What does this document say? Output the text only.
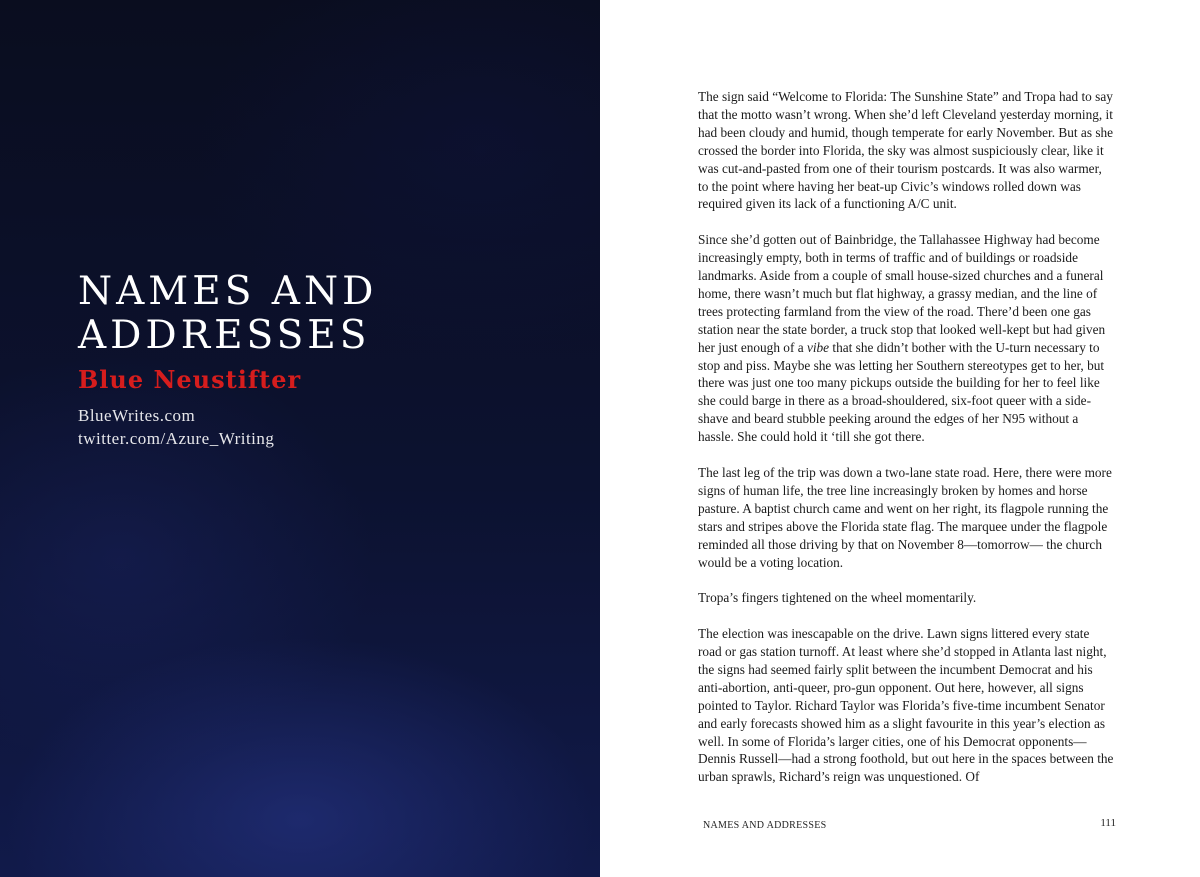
NAMES AND
ADDRESSES
Blue Neustifter
BlueWrites.com
twitter.com/Azure_Writing

The sign said “Welcome to Florida: The Sunshine State” and Tropa had to say that the motto wasn’t wrong. When she’d left Cleveland yesterday morning, it had been cloudy and humid, though temperate for early November. But as she crossed the border into Florida, the sky was almost suspiciously clear, like it was cut-and-pasted from one of their tourism postcards. It was also warmer, to the point where having her beat-up Civic’s windows rolled down was required given its lack of a functioning A/C unit.

Since she’d gotten out of Bainbridge, the Tallahassee Highway had become increasingly empty, both in terms of traffic and of buildings or roadside landmarks. Aside from a couple of small house-sized churches and a funeral home, there wasn’t much but flat highway, a grassy median, and the line of trees protecting farmland from the view of the road. There’d been one gas station near the state border, a truck stop that looked well-kept but had given her just enough of a vibe that she didn’t bother with the U-turn necessary to stop and piss. Maybe she was letting her Southern stereotypes get to her, but there was just one too many pickups outside the building for her to feel like she could barge in there as a broad-shouldered, six-foot queer with a side-shave and beard stubble peeking around the edges of her N95 without a hassle. She could hold it ‘till she got there.

The last leg of the trip was down a two-lane state road. Here, there were more signs of human life, the tree line increasingly broken by homes and horse pasture. A baptist church came and went on her right, its flagpole running the stars and stripes above the Florida state flag. The marquee under the flagpole reminded all those driving by that on November 8—tomorrow— the church would be a voting location.

Tropa’s fingers tightened on the wheel momentarily.

The election was inescapable on the drive. Lawn signs littered every state road or gas station turnoff. At least where she’d stopped in Atlanta last night, the signs had seemed fairly split between the incumbent Democrat and his anti-abortion, anti-queer, pro-gun opponent. Out here, however, all signs pointed to Taylor. Richard Taylor was Florida’s five-time incumbent Senator and early forecasts showed him as a slight favourite in this year’s election as well. In some of Florida’s larger cities, one of his Democrat opponents—Dennis Russell—had a strong foothold, but out here in the spaces between the urban sprawls, Richard’s reign was unquestioned. Of

NAMES AND ADDRESSES	111
